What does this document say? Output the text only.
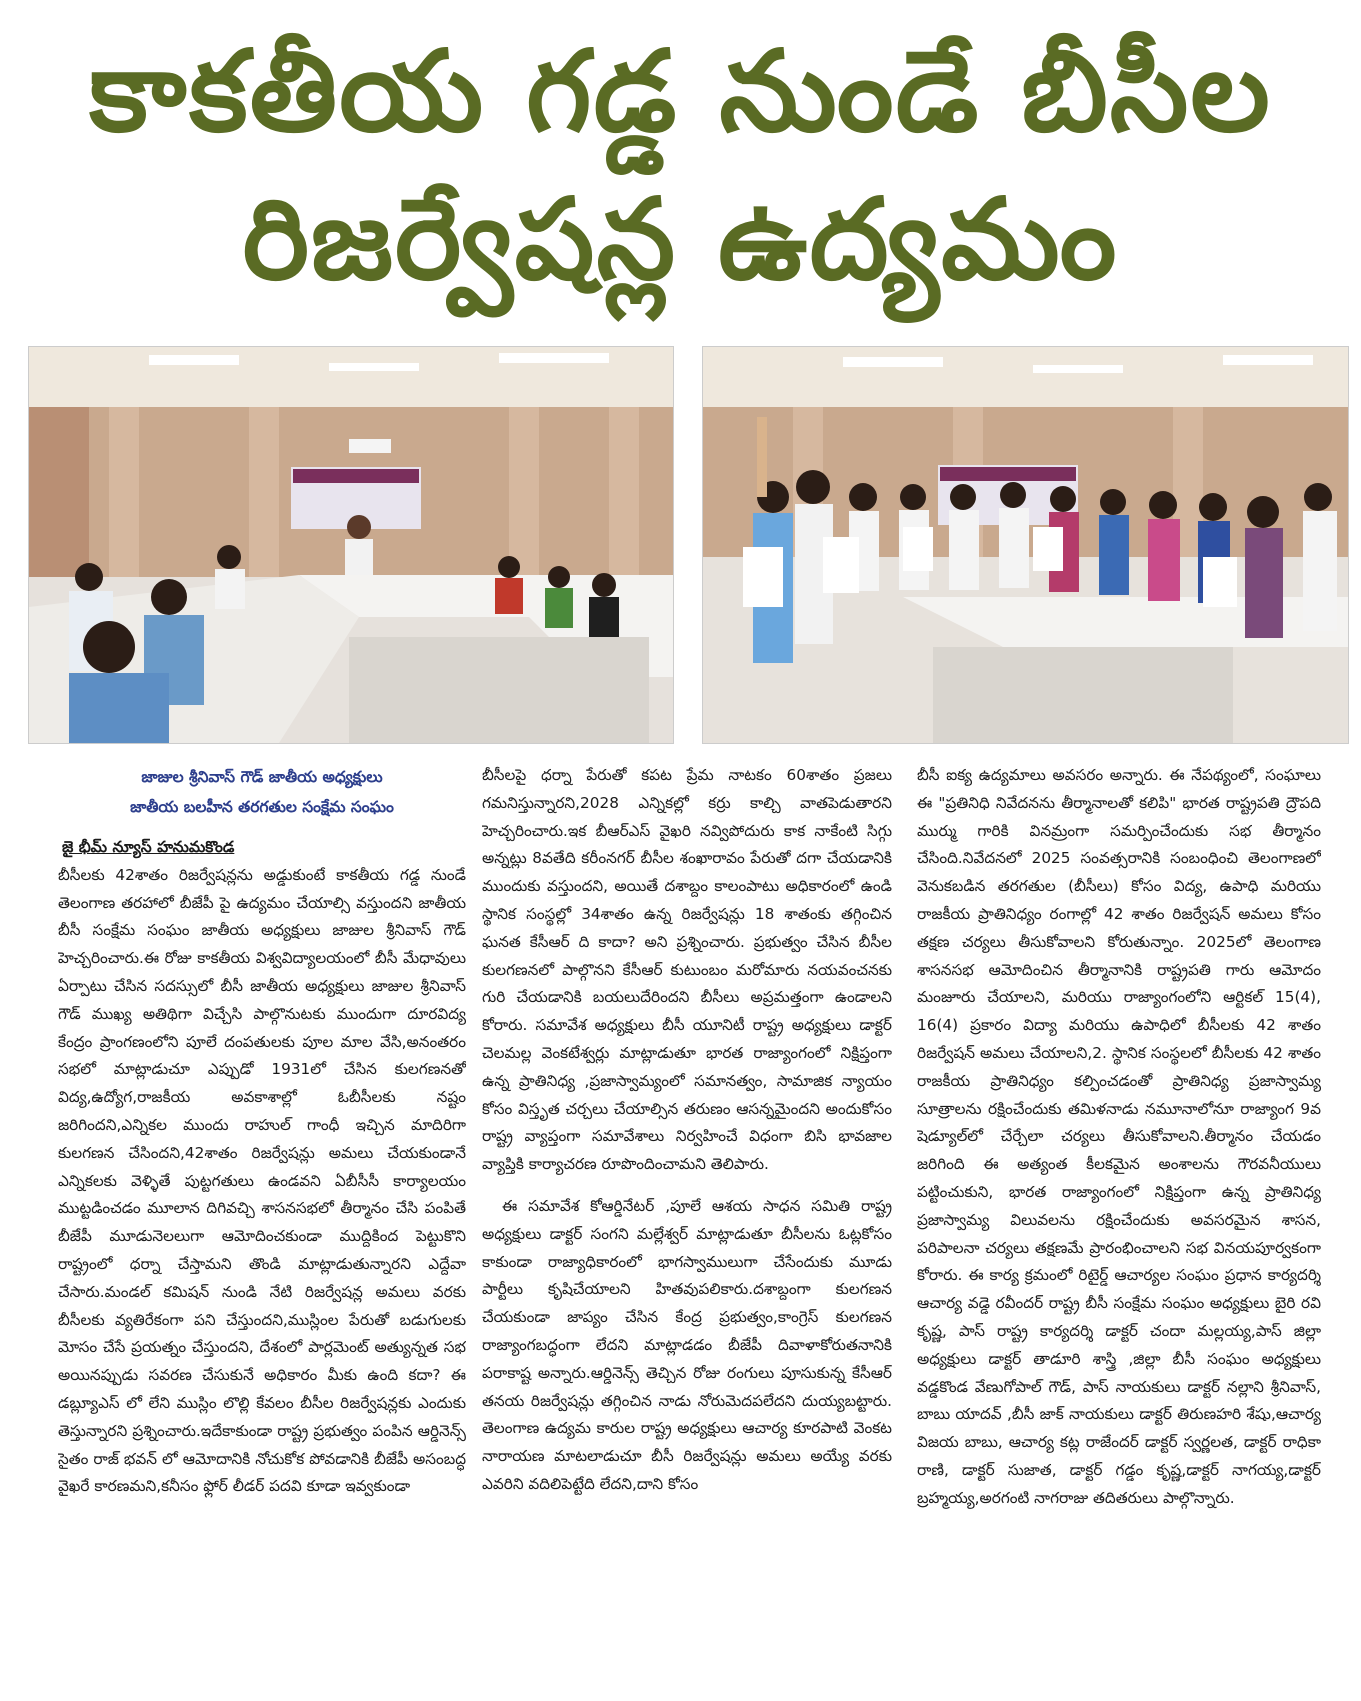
కాకతీయ గడ్డ నుండే బీసీల
రిజర్వేషన్ల ఉద్యమం
జాజుల శ్రీనివాస్ గౌడ్ జాతీయ అధ్యక్షులు
జాతీయ బలహీన తరగతుల సంక్షేమ సంఘం
జై భీమ్ న్యూస్ హనుమకొండ

బీసీలకు 42శాతం రిజర్వేషన్లను అడ్డుకుంటే కాకతీయ గడ్డ నుండే తెలంగాణ తరహాలో బీజేపీ పై ఉద్యమం చేయాల్సి వస్తుందని జాతీయ బీసీ సంక్షేమ సంఘం జాతీయ అధ్యక్షులు జాజుల శ్రీనివాస్ గౌడ్ హెచ్చరించారు.ఈ రోజు కాకతీయ విశ్వవిద్యాలయంలో బీసీ మేధావులు ఏర్పాటు చేసిన సదస్సులో బీసీ జాతీయ అధ్యక్షులు జాజుల శ్రీనివాస్ గౌడ్ ముఖ్య అతిథిగా విచ్చేసి పాల్గొనుటకు ముందుగా దూరవిద్య కేంద్రం ప్రాంగణంలోని పూలే దంపతులకు పూల మాల వేసి,అనంతరం సభలో మాట్లాడుచూ ఎప్పుడో 1931లో చేసిన కులగణనతో విద్య,ఉద్యోగ,రాజకీయ అవకాశాల్లో ఓబీసీలకు నష్టం జరిగిందని,ఎన్నికల ముందు రాహుల్ గాంధీ ఇచ్చిన మాదిరిగా కులగణన చేసిందని,42శాతం రిజర్వేషన్లు అమలు చేయకుండానే ఎన్నికలకు వెళ్ళితే పుట్టగతులు ఉండవని ఏబీసీసీ కార్యాలయం ముట్టడించడం మూలాన దిగివచ్చి శాసనసభలో తీర్మానం చేసి పంపితే బీజేపీ మూడునెలలుగా ఆమోదించకుండా ముద్దికింద పెట్టుకొని రాష్ట్రంలో ధర్నా చేస్తామని తొండి మాట్లాడుతున్నారని ఎద్దేవా చేసారు.మండల్ కమిషన్ నుండి నేటి రిజర్వేషన్ల అమలు వరకు బీసీలకు వ్యతిరేకంగా పని చేస్తుందని,ముస్లింల పేరుతో బడుగులకు మోసం చేసే ప్రయత్నం చేస్తుందని, దేశంలో పార్లమెంట్ అత్యున్నత సభ అయినప్పుడు సవరణ చేసుకునే అధికారం మీకు ఉంది కదా? ఈ డబ్ల్యూఎస్ లో లేని ముస్లిం లొల్లి కేవలం బీసీల రిజర్వేషన్లకు ఎందుకు తెస్తున్నారని ప్రశ్నించారు.ఇదేకాకుండా రాష్ట్ర ప్రభుత్వం పంపిన ఆర్డినెన్స్ సైతం రాజ్ భవన్ లో ఆమోదానికి నోచుకోక పోవడానికి బీజేపీ అసంబద్ధ వైఖరే కారణమని,కనీసం ఫ్లోర్ లీడర్ పదవి కూడా ఇవ్వకుండా

బీసీలపై ధర్నా పేరుతో కపట ప్రేమ నాటకం 60శాతం ప్రజలు గమనిస్తున్నారని,2028 ఎన్నికల్లో కర్రు కాల్చి వాతపెడుతారని హెచ్చరించారు.ఇక బీఆర్ఎస్ వైఖరి నవ్విపోదురు కాక నాకేంటి సిగ్గు అన్నట్లు 8వతేది కరీంనగర్ బీసీల శంఖారావం పేరుతో దగా చేయడానికి ముందుకు వస్తుందని, అయితే దశాబ్దం కాలంపాటు అధికారంలో ఉండి స్థానిక సంస్థల్లో 34శాతం ఉన్న రిజర్వేషన్లు 18 శాతంకు తగ్గించిన ఘనత కేసీఆర్ ది కాదా? అని ప్రశ్నించారు. ప్రభుత్వం చేసిన బీసీల కులగణనలో పాల్గొనని కేసీఆర్ కుటుంబం మరోమారు నయవంచనకు గురి చేయడానికి బయలుదేరిందని బీసీలు అప్రమత్తంగా ఉండాలని కోరారు. సమావేశ అధ్యక్షులు బీసీ యూనిటీ రాష్ట్ర అధ్యక్షులు డాక్టర్ చెలమల్ల వెంకటేశ్వర్లు మాట్లాడుతూ భారత రాజ్యాంగంలో నిక్షిప్తంగా ఉన్న ప్రాతినిధ్య ,ప్రజాస్వామ్యంలో సమానత్వం, సామాజిక న్యాయం కోసం విస్తృత చర్చలు చేయాల్సిన తరుణం ఆసన్నమైందని అందుకోసం రాష్ట్ర వ్యాప్తంగా సమావేశాలు నిర్వహించే విధంగా బిసి భావజాల వ్యాప్తికి కార్యాచరణ రూపొందించామని తెలిపారు.

ఈ సమావేశ కోఆర్డినేటర్ ,పూలే ఆశయ సాధన సమితి రాష్ట్ర అధ్యక్షులు డాక్టర్ సంగని మల్లేశ్వర్ మాట్లాడుతూ బీసీలను ఓట్లకోసం కాకుండా రాజ్యాధికారంలో భాగస్వాములుగా చేసేందుకు మూడు పార్టీలు కృషిచేయాలని హితవుపలికారు.దశాబ్దంగా కులగణన చేయకుండా జాప్యం చేసిన కేంద్ర ప్రభుత్వం,కాంగ్రెస్ కులగణన రాజ్యాంగబద్ధంగా లేదని మాట్లాడడం బీజేపీ దివాళాకోరుతనానికి పరాకాష్ట అన్నారు.ఆర్డినెన్స్ తెచ్చిన రోజు రంగులు పూసుకున్న కేసీఆర్ తనయ రిజర్వేషన్లు తగ్గించిన నాడు నోరుమెదపలేదని దుయ్యబట్టారు. తెలంగాణ ఉద్యమ కారుల రాష్ట్ర అధ్యక్షులు ఆచార్య కూరపాటి వెంకట నారాయణ మాటలాడుచూ బీసీ రిజర్వేషన్లు అమలు అయ్యే వరకు ఎవరిని వదిలిపెట్టేది లేదని,దాని కోసం

బీసీ ఐక్య ఉద్యమాలు అవసరం అన్నారు. ఈ నేపథ్యంలో, సంఘాలు ఈ "ప్రతినిధి నివేదనను తీర్మానాలతో కలిపి" భారత రాష్ట్రపతి ద్రౌపది ముర్ము గారికి వినమ్రంగా సమర్పించేందుకు సభ తీర్మానం చేసింది.నివేదనలో 2025 సంవత్సరానికి సంబంధించి తెలంగాణలో వెనుకబడిన తరగతుల (బీసీలు) కోసం విద్య, ఉపాధి మరియు రాజకీయ ప్రాతినిధ్యం రంగాల్లో 42 శాతం రిజర్వేషన్ అమలు కోసం తక్షణ చర్యలు తీసుకోవాలని కోరుతున్నాం. 2025లో తెలంగాణ శాసనసభ ఆమోదించిన తీర్మానానికి రాష్ట్రపతి గారు ఆమోదం మంజూరు చేయాలని, మరియు రాజ్యాంగంలోని ఆర్టికల్ 15(4), 16(4) ప్రకారం విద్యా మరియు ఉపాధిలో బీసీలకు 42 శాతం రిజర్వేషన్ అమలు చేయాలని,2. స్థానిక సంస్థలలో బీసీలకు 42 శాతం రాజకీయ ప్రాతినిధ్యం కల్పించడంతో ప్రాతినిధ్య ప్రజాస్వామ్య సూత్రాలను రక్షించేందుకు తమిళనాడు నమూనాలోనూ రాజ్యాంగ 9వ షెడ్యూల్‌లో చేర్చేలా చర్యలు తీసుకోవాలని.తీర్మానం చేయడం జరిగింది ఈ అత్యంత కీలకమైన అంశాలను గౌరవనీయులు పట్టించుకుని, భారత రాజ్యాంగంలో నిక్షిప్తంగా ఉన్న ప్రాతినిధ్య ప్రజాస్వామ్య విలువలను రక్షించేందుకు అవసరమైన శాసన, పరిపాలనా చర్యలు తక్షణమే ప్రారంభించాలని సభ వినయపూర్వకంగా కోరారు. ఈ కార్య క్రమంలో రిటైర్డ్ ఆచార్యల సంఘం ప్రధాన కార్యదర్శి ఆచార్య వడ్డె రవీందర్ రాష్ట్ర బీసీ సంక్షేమ సంఘం అధ్యక్షులు బైరి రవి కృష్ణ, పాస్ రాష్ట్ర కార్యదర్శి డాక్టర్ చందా మల్లయ్య,పాస్ జిల్లా అధ్యక్షులు డాక్టర్ తాడూరి శాస్త్రి ,జిల్లా బీసీ సంఘం అధ్యక్షులు వడ్డకొండ వేణుగోపాల్ గౌడ్, పాస్ నాయకులు డాక్టర్ నల్లాని శ్రీనివాస్, బాబు యాదవ్ ,బీసీ జాక్ నాయకులు డాక్టర్ తిరుణహరి శేషు,ఆచార్య విజయ బాబు, ఆచార్య కట్ల రాజేందర్ డాక్టర్ స్వర్ణలత, డాక్టర్ రాధికా రాణి, డాక్టర్ సుజాత, డాక్టర్ గడ్డం కృష్ణ,డాక్టర్ నాగయ్య,డాక్టర్ బ్రహ్మయ్య,అరగంటి నాగరాజు తదితరులు పాల్గొన్నారు.
